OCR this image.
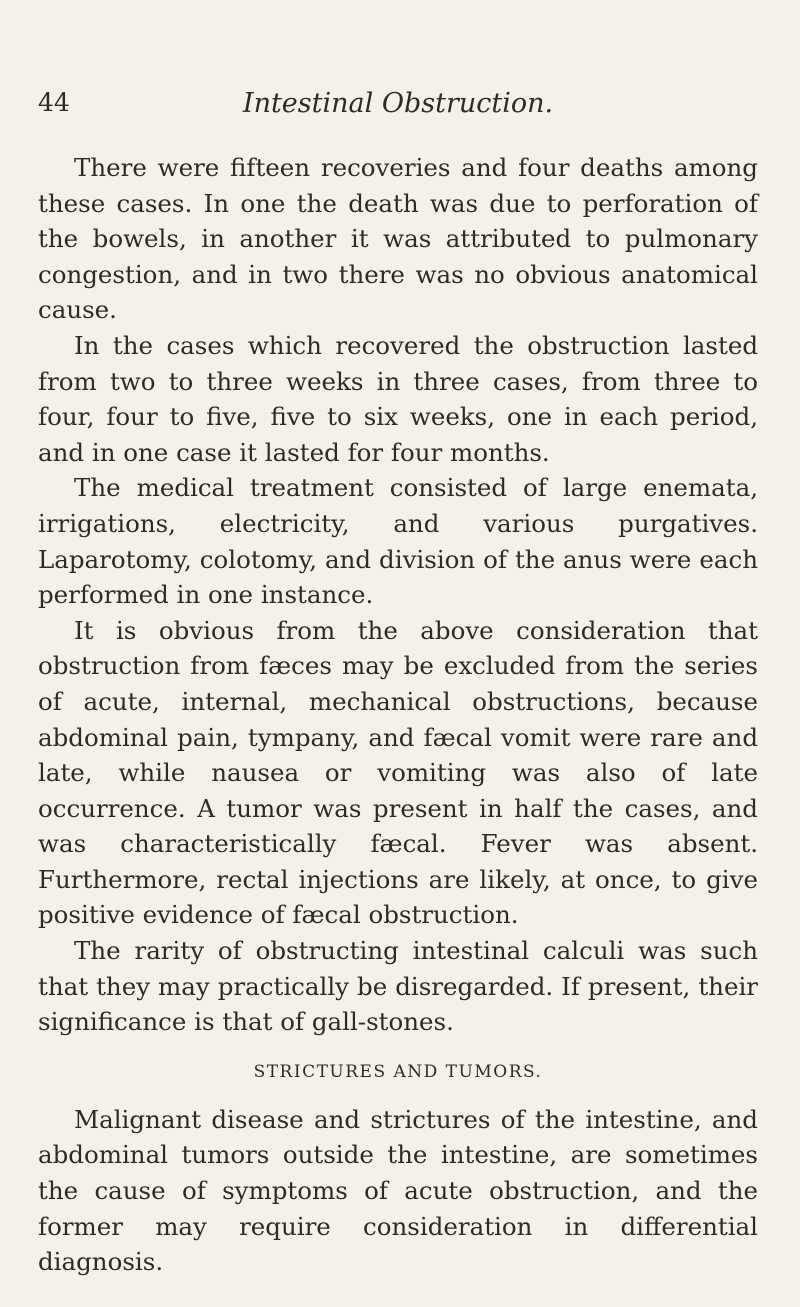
44	Intestinal Obstruction.

There were fifteen recoveries and four deaths among these cases. In one the death was due to perforation of the bowels, in another it was attributed to pulmonary congestion, and in two there was no obvious anatomical cause.

In the cases which recovered the obstruction lasted from two to three weeks in three cases, from three to four, four to five, five to six weeks, one in each period, and in one case it lasted for four months.

The medical treatment consisted of large enemata, irrigations, electricity, and various purgatives. Laparotomy, colotomy, and division of the anus were each performed in one instance.

It is obvious from the above consideration that obstruction from fæces may be excluded from the series of acute, internal, mechanical obstructions, because abdominal pain, tympany, and fæcal vomit were rare and late, while nausea or vomiting was also of late occurrence. A tumor was present in half the cases, and was characteristically fæcal. Fever was absent. Furthermore, rectal injections are likely, at once, to give positive evidence of fæcal obstruction.

The rarity of obstructing intestinal calculi was such that they may practically be disregarded. If present, their significance is that of gall-stones.

STRICTURES AND TUMORS.

Malignant disease and strictures of the intestine, and abdominal tumors outside the intestine, are sometimes the cause of symptoms of acute obstruction, and the former may require consideration in differential diagnosis.
